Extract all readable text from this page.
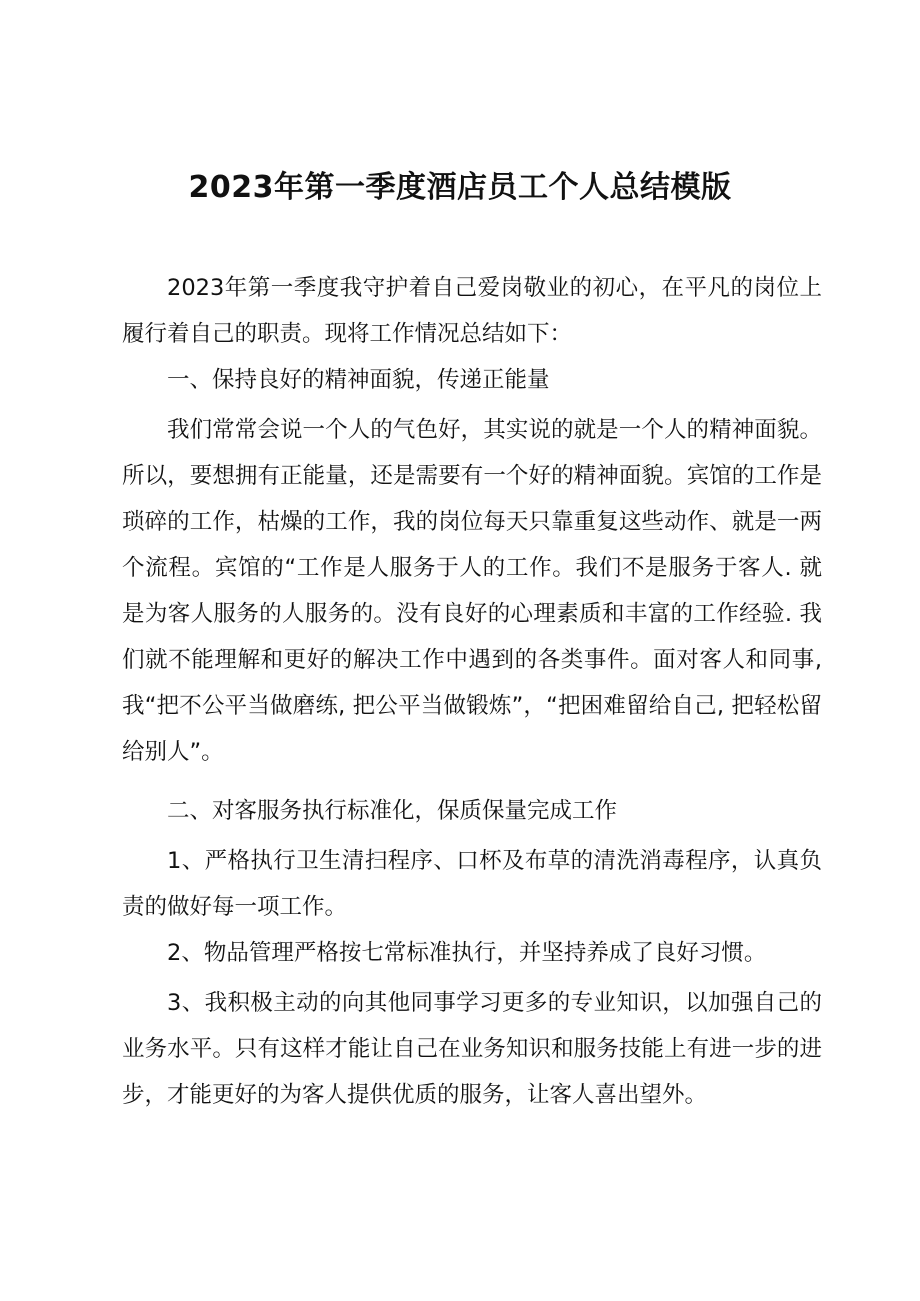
2023年第一季度酒店员工个人总结模版

2023年第一季度我守护着自己爱岗敬业的初心，在平凡的岗位上履行着自己的职责。现将工作情况总结如下：

一、保持良好的精神面貌，传递正能量

我们常常会说一个人的气色好，其实说的就是一个人的精神面貌。所以，要想拥有正能量，还是需要有一个好的精神面貌。宾馆的工作是琐碎的工作，枯燥的工作，我的岗位每天只靠重复这些动作、就是一两个流程。宾馆的“工作是人服务于人的工作。我们不是服务于客人. 就是为客人服务的人服务的。没有良好的心理素质和丰富的工作经验. 我们就不能理解和更好的解决工作中遇到的各类事件。面对客人和同事, 我“把不公平当做磨练, 把公平当做锻炼”，“把困难留给自己, 把轻松留给别人”。

二、对客服务执行标准化，保质保量完成工作

1、严格执行卫生清扫程序、口杯及布草的清洗消毒程序，认真负责的做好每一项工作。

2、物品管理严格按七常标准执行，并坚持养成了良好习惯。

3、我积极主动的向其他同事学习更多的专业知识，以加强自己的业务水平。只有这样才能让自己在业务知识和服务技能上有进一步的进步，才能更好的为客人提供优质的服务，让客人喜出望外。
